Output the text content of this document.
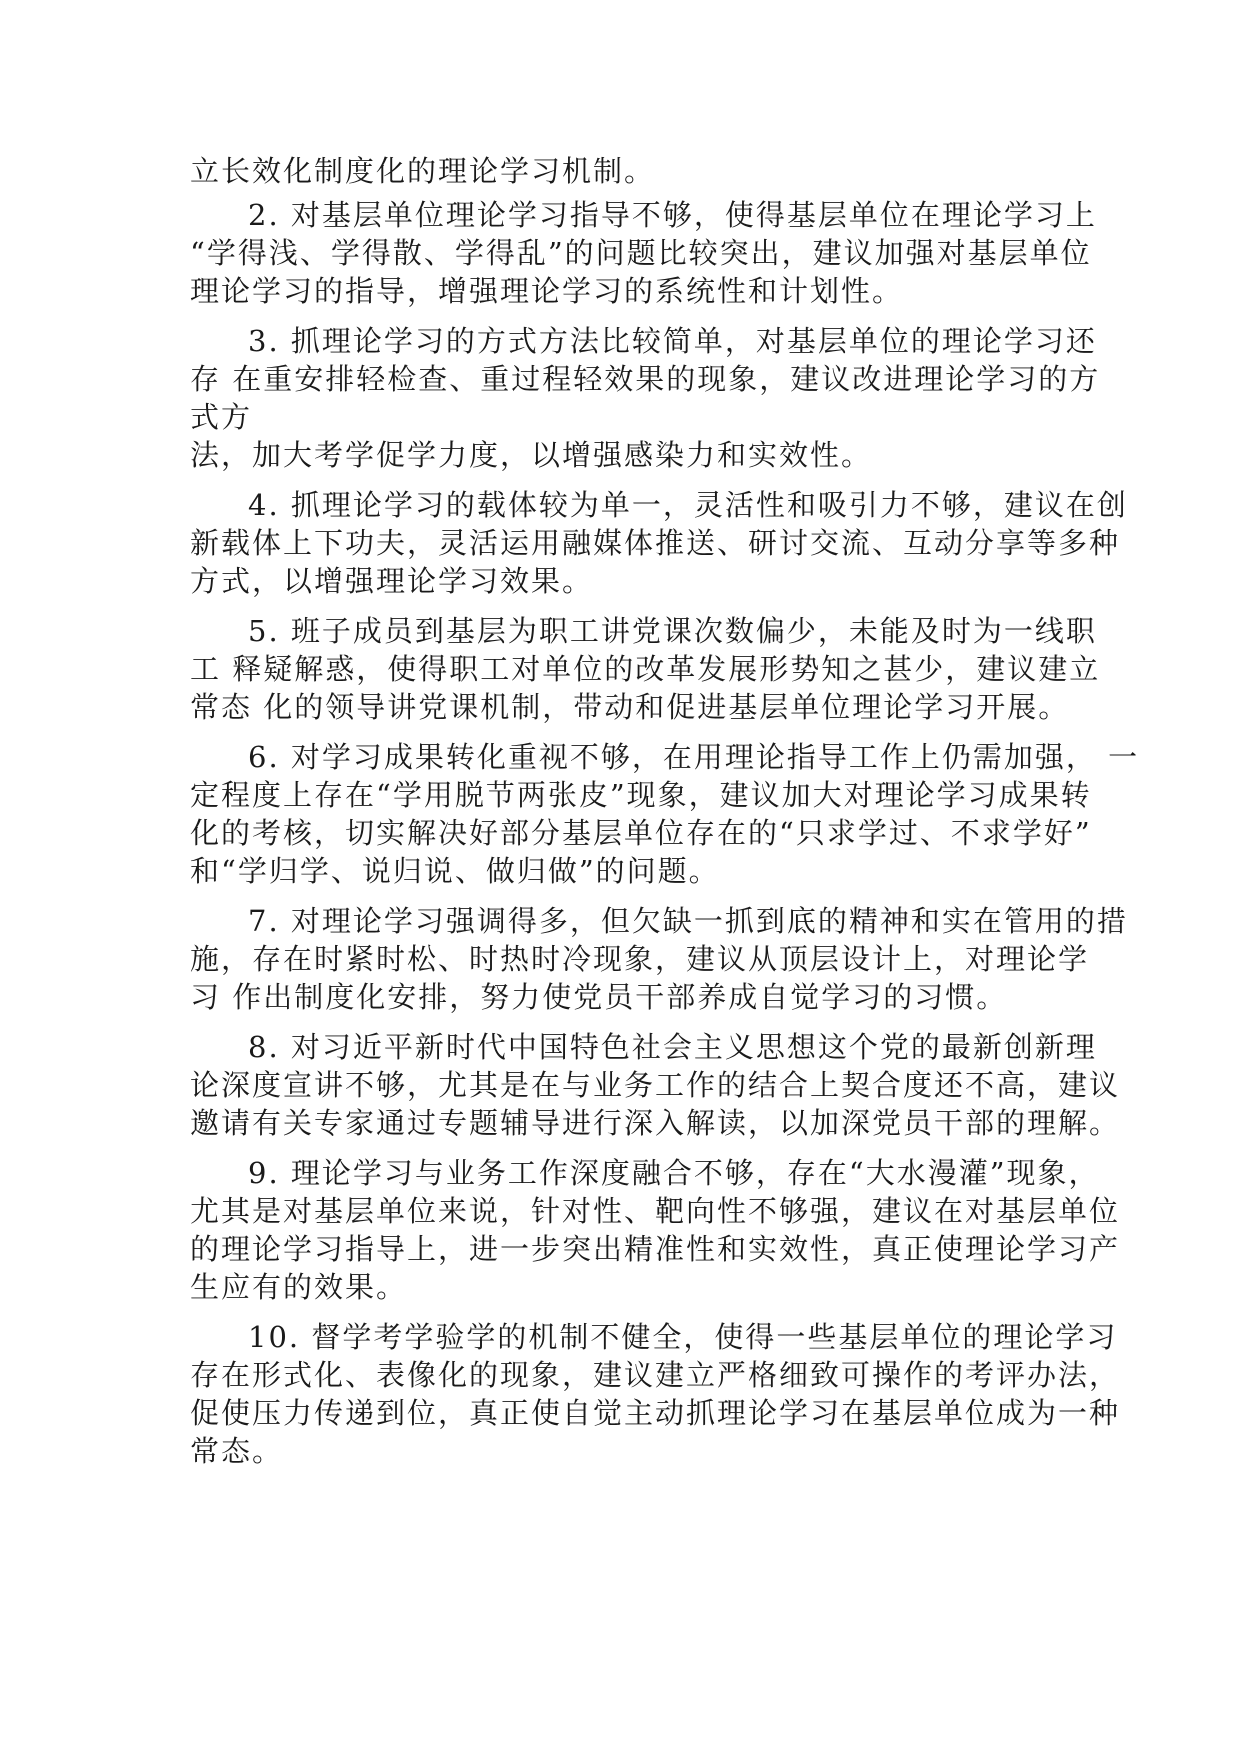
立长效化制度化的理论学习机制。

2. 对基层单位理论学习指导不够，使得基层单位在理论学习上
“学得浅、学得散、学得乱”的问题比较突出，建议加强对基层单位
理论学习的指导，增强理论学习的系统性和计划性。

3. 抓理论学习的方式方法比较简单，对基层单位的理论学习还
存 在重安排轻检查、重过程轻效果的现象，建议改进理论学习的方
式方
法，加大考学促学力度，以增强感染力和实效性。

4. 抓理论学习的载体较为单一，灵活性和吸引力不够，建议在创
新载体上下功夫，灵活运用融媒体推送、研讨交流、互动分享等多种
方式，以增强理论学习效果。

5. 班子成员到基层为职工讲党课次数偏少，未能及时为一线职
工 释疑解惑，使得职工对单位的改革发展形势知之甚少，建议建立
常态 化的领导讲党课机制，带动和促进基层单位理论学习开展。

6. 对学习成果转化重视不够，在用理论指导工作上仍需加强， 一
定程度上存在“学用脱节两张皮”现象，建议加大对理论学习成果转
化的考核，切实解决好部分基层单位存在的“只求学过、不求学好”
和“学归学、说归说、做归做”的问题。

7. 对理论学习强调得多，但欠缺一抓到底的精神和实在管用的措
施，存在时紧时松、时热时冷现象，建议从顶层设计上，对理论学
习 作出制度化安排，努力使党员干部养成自觉学习的习惯。

8. 对习近平新时代中国特色社会主义思想这个党的最新创新理
论深度宣讲不够，尤其是在与业务工作的结合上契合度还不高，建议
邀请有关专家通过专题辅导进行深入解读，以加深党员干部的理解。

9. 理论学习与业务工作深度融合不够，存在“大水漫灌”现象，
尤其是对基层单位来说，针对性、靶向性不够强，建议在对基层单位
的理论学习指导上，进一步突出精准性和实效性，真正使理论学习产
生应有的效果。

10. 督学考学验学的机制不健全，使得一些基层单位的理论学习
存在形式化、表像化的现象，建议建立严格细致可操作的考评办法，
促使压力传递到位，真正使自觉主动抓理论学习在基层单位成为一种
常态。
